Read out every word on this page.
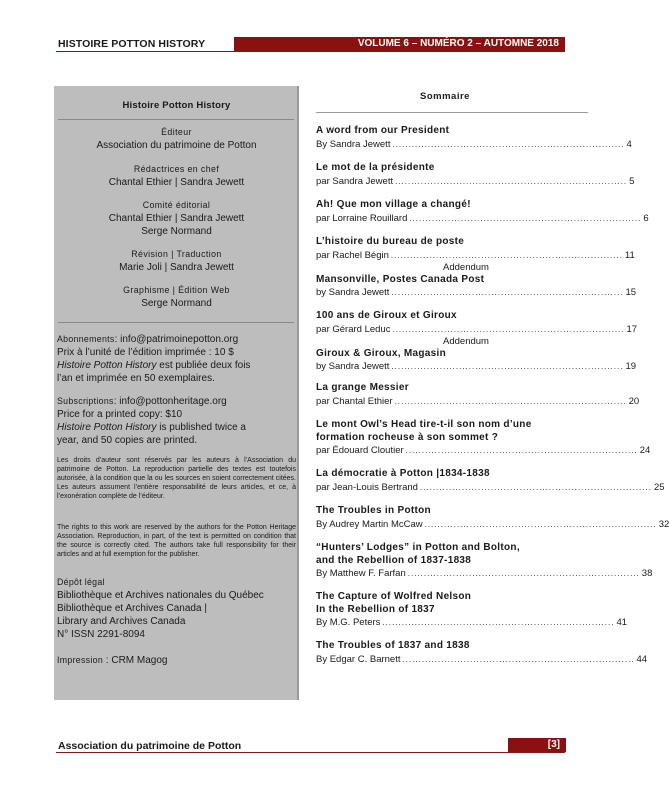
HISTOIRE POTTON HISTORY	VOLUME 6 – NUMÉRO 2 – AUTOMNE 2018
Histoire Potton History
Éditeur
Association du patrimoine de Potton
Rédactrices en chef
Chantal Ethier | Sandra Jewett
Comité éditorial
Chantal Ethier | Sandra Jewett
Serge Normand
Révision | Traduction
Marie Joli | Sandra Jewett
Graphisme | Édition Web
Serge Normand
Abonnements: info@patrimoinepotton.org
Prix à l’unité de l’édition imprimée : 10 $
Histoire Potton History est publiée deux fois
l’an et imprimée en 50 exemplaires.
Subscriptions: info@pottonheritage.org
Price for a printed copy: $10
Histoire Potton History is published twice a
year, and 50 copies are printed.
Les droits d’auteur sont réservés par les auteurs à l’Association du patrimoine de Potton. La reproduction partielle des textes est toutefois autorisée, à la condition que la ou les sources en soient correctement citées. Les auteurs assument l’entière responsabilité de leurs articles, et ce, à l’exonération complète de l’éditeur.
The rights to this work are reserved by the authors for the Potton Heritage Association. Reproduction, in part, of the text is permitted on condition that the source is correctly cited. The authors take full responsibility for their articles and at full exemption for the publisher.
Dépôt légal
Bibliothèque et Archives nationales du Québec
Bibliothèque et Archives Canada |
Library and Archives Canada
N° ISSN 2291-8094
Impression : CRM Magog
Sommaire
A word from our President
By Sandra Jewett ........................................................................ 4
Le mot de la présidente
par Sandra Jewett ........................................................................ 5
Ah! Que mon village a changé!
par Lorraine Rouillard ........................................................................ 6
L’histoire du bureau de poste
par Rachel Bégin ........................................................................ 11
Addendum
Mansonville, Postes Canada Post
by Sandra Jewett ........................................................................ 15
100 ans de Giroux et Giroux
par Gérard Leduc ........................................................................ 17
Addendum
Giroux & Giroux, Magasin
by Sandra Jewett ........................................................................ 19
La grange Messier
par Chantal Ethier ........................................................................ 20
Le mont Owl’s Head tire-t-il son nom d’une
formation rocheuse à son sommet ?
par Édouard Cloutier ........................................................................ 24
La démocratie à Potton |1834-1838
par Jean-Louis Bertrand ........................................................................ 25
The Troubles in Potton
By Audrey Martin McCaw ........................................................................ 32
“Hunters’ Lodges” in Potton and Bolton,
and the Rebellion of 1837-1838
By Matthew F. Farfan ........................................................................ 38
The Capture of Wolfred Nelson
In the Rebellion of 1837
By M.G. Peters ........................................................................ 41
The Troubles of 1837 and 1838
By Edgar C. Barnett ........................................................................ 44
Association du patrimoine de Potton	[3]
